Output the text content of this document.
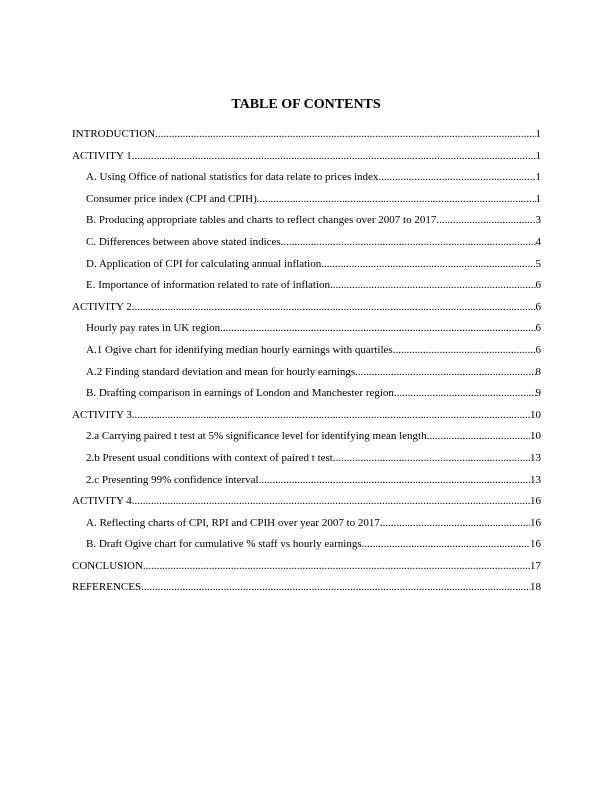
TABLE OF CONTENTS
INTRODUCTION .....	1
ACTIVITY 1 .....	1
A. Using Office of national statistics for data relate to prices index .....	1
Consumer price index (CPI and CPIH) .....	1
B. Producing appropriate tables and charts to reflect changes over 2007 to 2017 .....	3
C. Differences between above stated indices .....	4
D. Application of CPI for calculating annual inflation .....	5
E. Importance of information related to rate of inflation .....	6
ACTIVITY 2 .....	6
Hourly pay rates in UK region .....	6
A.1 Ogive chart for identifying median hourly earnings with quartiles .....	6
A.2 Finding standard deviation and mean for hourly earnings .....	8
B. Drafting comparison in earnings of London and Manchester region .....	9
ACTIVITY 3 .....	10
2.a Carrying paired t test at 5% significance level for identifying mean length .....	10
2.b Present usual conditions with context of paired t test .....	13
2.c Presenting 99% confidence interval .....	13
ACTIVITY 4 .....	16
A. Reflecting charts of CPI, RPI and CPIH over year 2007 to 2017 .....	16
B. Draft Ogive chart for cumulative % staff vs hourly earnings .....	16
CONCLUSION .....	17
REFERENCES .....	18
